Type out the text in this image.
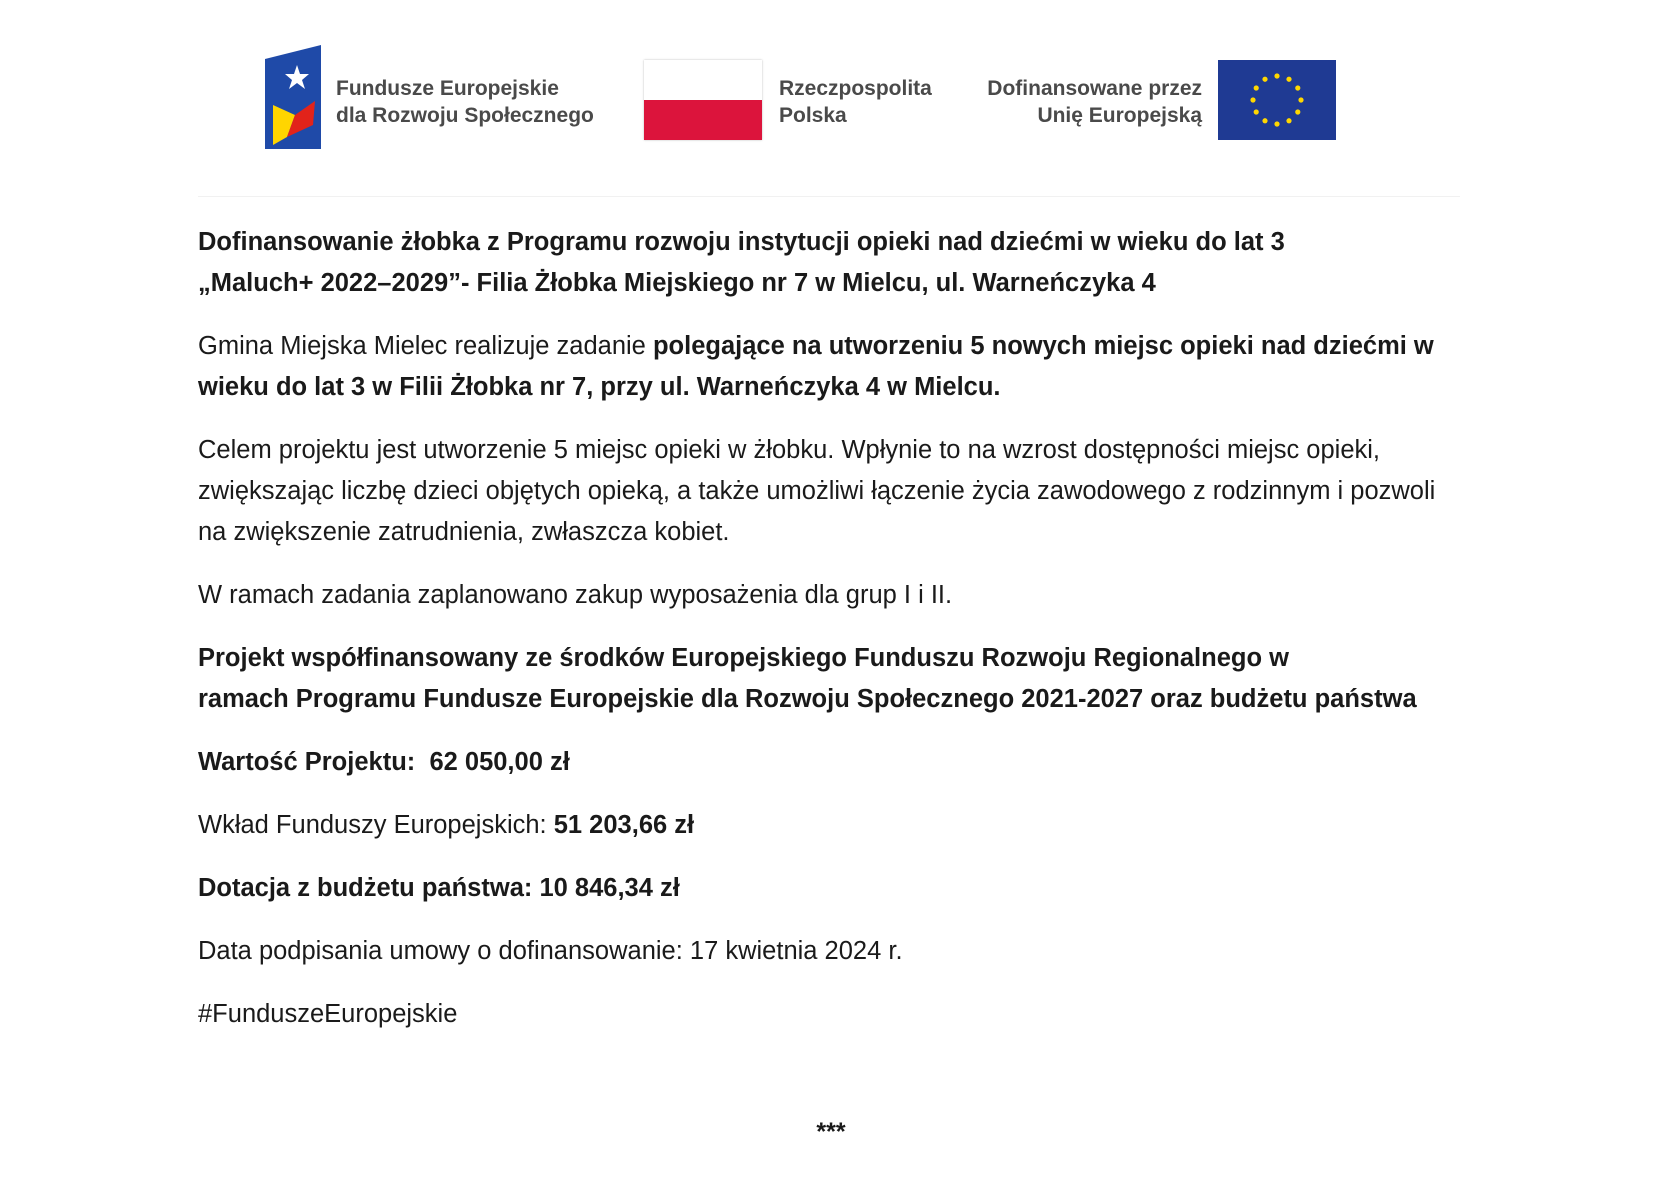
Fundusze Europejskie
dla Rozwoju Społecznego
Rzeczpospolita
Polska
Dofinansowane przez
Unię Europejską

Dofinansowanie żłobka z Programu rozwoju instytucji opieki nad dziećmi w wieku do lat 3
„Maluch+ 2022–2029”- Filia Żłobka Miejskiego nr 7 w Mielcu, ul. Warneńczyka 4

Gmina Miejska Mielec realizuje zadanie polegające na utworzeniu 5 nowych miejsc opieki nad dziećmi w wieku do lat 3 w Filii Żłobka nr 7, przy ul. Warneńczyka 4 w Mielcu.

Celem projektu jest utworzenie 5 miejsc opieki w żłobku. Wpłynie to na wzrost dostępności miejsc opieki, zwiększając liczbę dzieci objętych opieką, a także umożliwi łączenie życia zawodowego z rodzinnym i pozwoli na zwiększenie zatrudnienia, zwłaszcza kobiet.

W ramach zadania zaplanowano zakup wyposażenia dla grup I i II.

Projekt współfinansowany ze środków Europejskiego Funduszu Rozwoju Regionalnego w
ramach Programu Fundusze Europejskie dla Rozwoju Społecznego 2021-2027 oraz budżetu państwa

Wartość Projektu:  62 050,00 zł

Wkład Funduszy Europejskich: 51 203,66 zł

Dotacja z budżetu państwa: 10 846,34 zł

Data podpisania umowy o dofinansowanie: 17 kwietnia 2024 r.

#FunduszeEuropejskie

***
